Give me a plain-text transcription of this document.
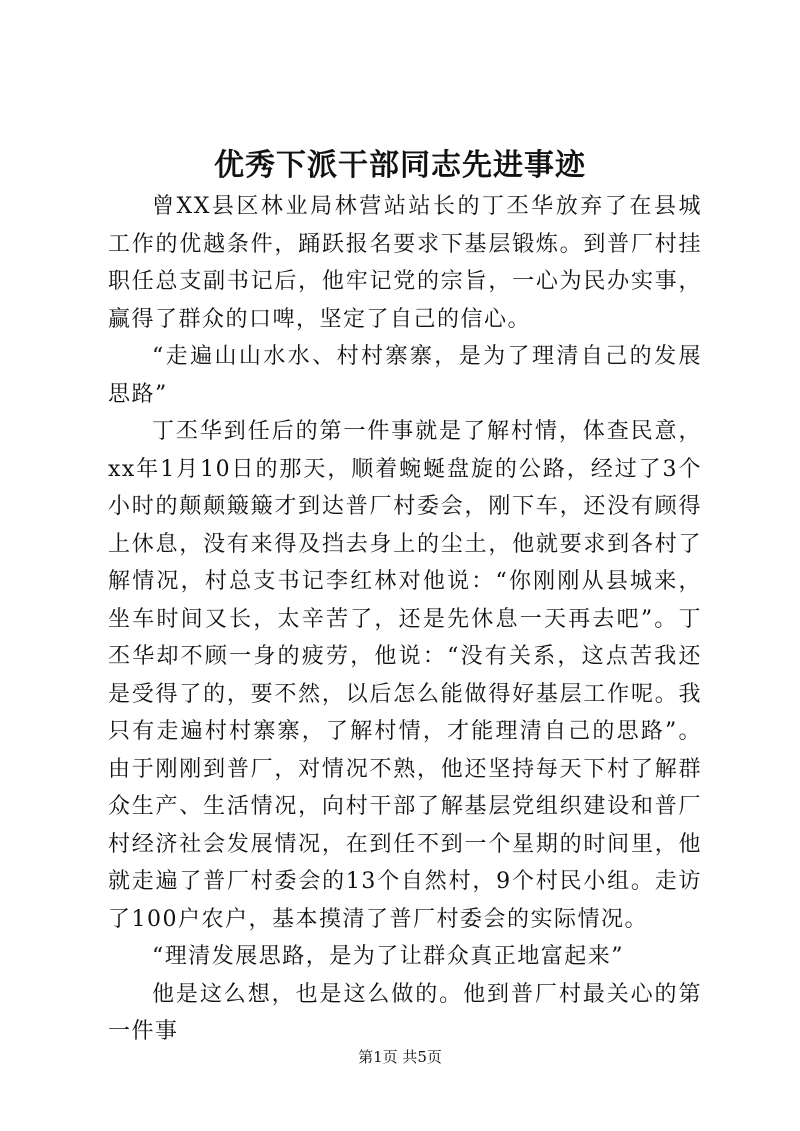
优秀下派干部同志先进事迹

曾XX县区林业局林营站站长的丁丕华放弃了在县城工作的优越条件，踊跃报名要求下基层锻炼。到普厂村挂职任总支副书记后，他牢记党的宗旨，一心为民办实事，赢得了群众的口啤，坚定了自己的信心。

“走遍山山水水、村村寨寨，是为了理清自己的发展思路”

丁丕华到任后的第一件事就是了解村情，体查民意，xx年1月10日的那天，顺着蜿蜒盘旋的公路，经过了3个小时的颠颠簸簸才到达普厂村委会，刚下车，还没有顾得上休息，没有来得及挡去身上的尘土，他就要求到各村了解情况，村总支书记李红林对他说：“你刚刚从县城来，坐车时间又长，太辛苦了，还是先休息一天再去吧”。丁丕华却不顾一身的疲劳，他说：“没有关系，这点苦我还是受得了的，要不然，以后怎么能做得好基层工作呢。我只有走遍村村寨寨，了解村情，才能理清自己的思路”。由于刚刚到普厂，对情况不熟，他还坚持每天下村了解群众生产、生活情况，向村干部了解基层党组织建设和普厂村经济社会发展情况，在到任不到一个星期的时间里，他就走遍了普厂村委会的13个自然村，9个村民小组。走访了100户农户，基本摸清了普厂村委会的实际情况。

“理清发展思路，是为了让群众真正地富起来”

他是这么想，也是这么做的。他到普厂村最关心的第一件事

第1页 共5页
